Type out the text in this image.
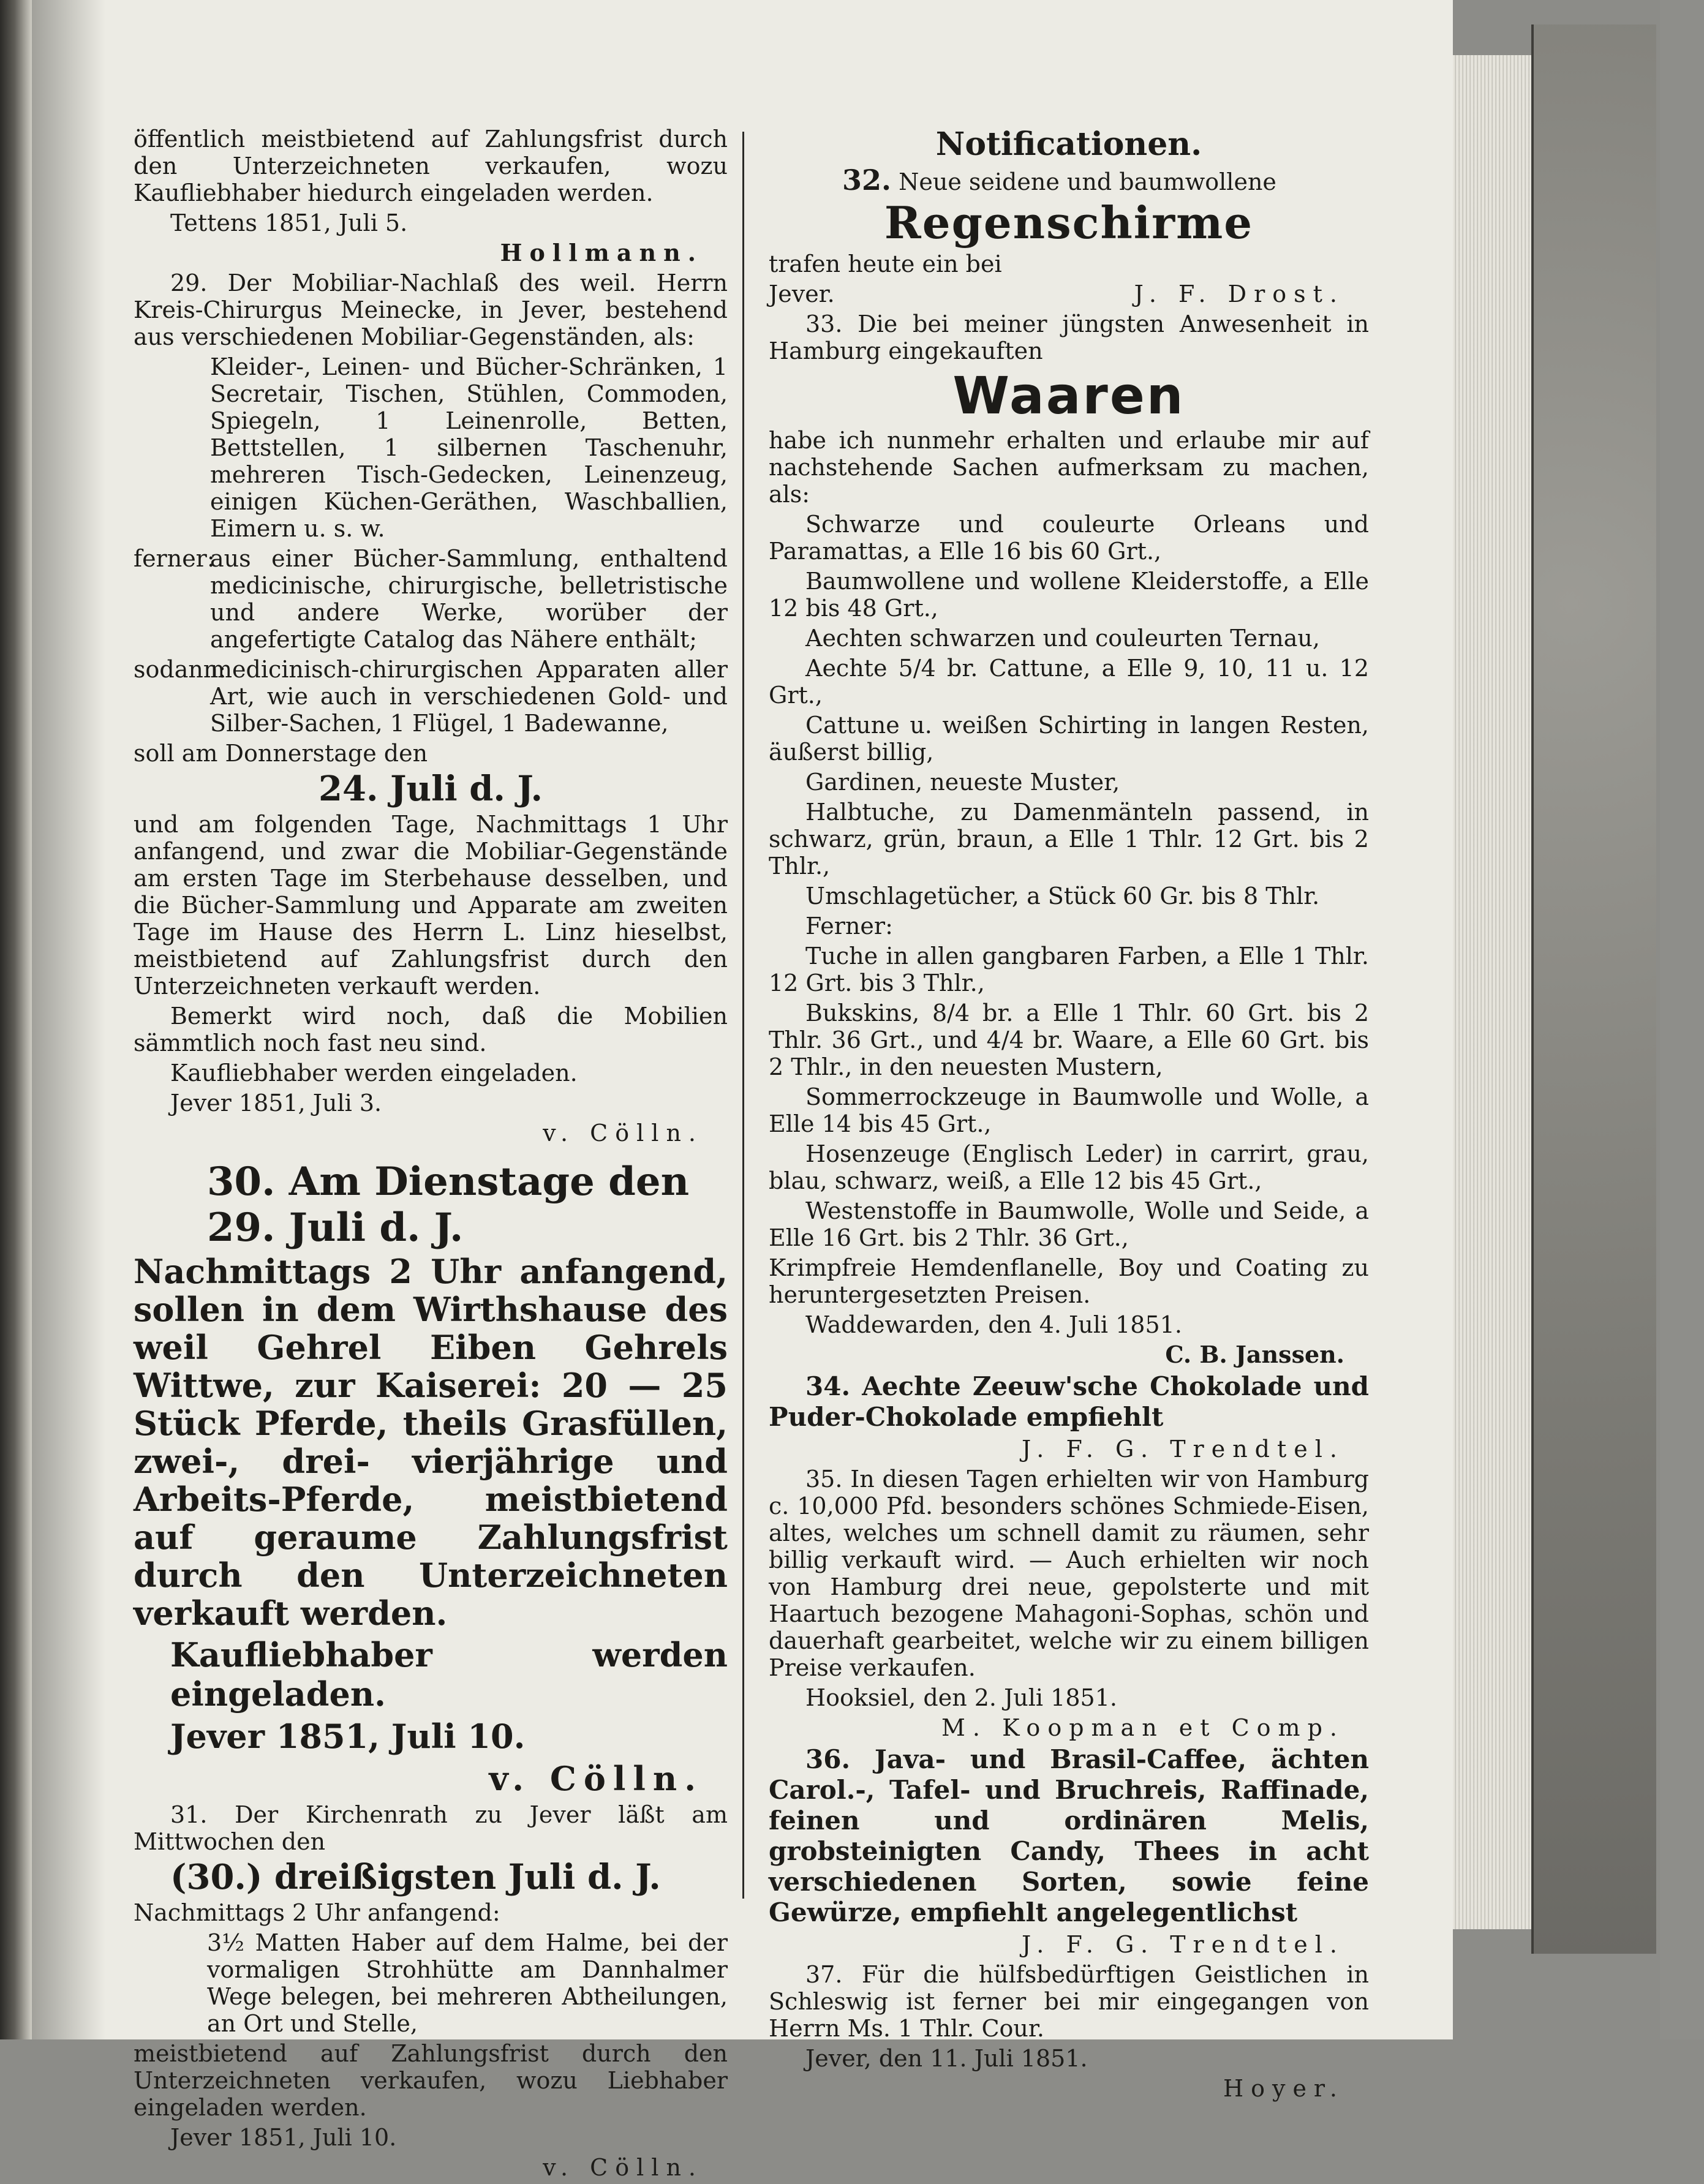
öffentlich meistbietend auf Zahlungsfrist durch den Unterzeichneten verkaufen, wozu Kaufliebhaber hiedurch eingeladen werden.

Tettens 1851, Juli 5.

Hollmann.

29. Der Mobiliar-Nachlaß des weil. Herrn Kreis-Chirurgus Meinecke, in Jever, bestehend aus verschiedenen Mobiliar-Gegenständen, als:

Kleider-, Leinen- und Bücher-Schränken, 1 Secretair, Tischen, Stühlen, Commoden, Spiegeln, 1 Leinenrolle, Betten, Bettstellen, 1 silbernen Taschenuhr, mehreren Tisch-Gedecken, Leinenzeug, einigen Küchen-Geräthen, Waschballien, Eimern u. s. w.

ferner:
aus einer Bücher-Sammlung, enthaltend medicinische, chirurgische, belletristische und andere Werke, worüber der angefertigte Catalog das Nähere enthält;
sodann:
medicinisch-chirurgischen Apparaten aller Art, wie auch in verschiedenen Gold- und Silber-Sachen, 1 Flügel, 1 Badewanne,

soll am Donnerstage den

24. Juli d. J.

und am folgenden Tage, Nachmittags 1 Uhr anfangend, und zwar die Mobiliar-Gegenstände am ersten Tage im Sterbehause desselben, und die Bücher-Sammlung und Apparate am zweiten Tage im Hause des Herrn L. Linz hieselbst, meistbietend auf Zahlungsfrist durch den Unterzeichneten verkauft werden.

Bemerkt wird noch, daß die Mobilien sämmtlich noch fast neu sind.

Kaufliebhaber werden eingeladen.

Jever 1851, Juli 3.

v. Cölln.

30. Am Dienstage den

29. Juli d. J.

Nachmittags 2 Uhr anfangend, sollen in dem Wirthshause des weil Gehrel Eiben Gehrels Wittwe, zur Kaiserei: 20 — 25 Stück Pferde, theils Grasfüllen, zwei-, drei- vierjährige und Arbeits-Pferde, meistbietend auf geraume Zahlungsfrist durch den Unterzeichneten verkauft werden.

Kaufliebhaber werden eingeladen.

Jever 1851, Juli 10.

v. Cölln.

31. Der Kirchenrath zu Jever läßt am Mittwochen den

(30.) dreißigsten Juli d. J.

Nachmittags 2 Uhr anfangend:

3½ Matten Haber auf dem Halme, bei der vormaligen Strohhütte am Dannhalmer Wege belegen, bei mehreren Abtheilungen, an Ort und Stelle,

meistbietend auf Zahlungsfrist durch den Unterzeichneten verkaufen, wozu Liebhaber eingeladen werden.

Jever 1851, Juli 10.

v. Cölln.

Notificationen.

32. Neue seidene und baumwollene

Regenschirme

trafen heute ein bei

Jever.	J. F. Drost.

33. Die bei meiner jüngsten Anwesenheit in Hamburg eingekauften

Waaren

habe ich nunmehr erhalten und erlaube mir auf nachstehende Sachen aufmerksam zu machen, als:

Schwarze und couleurte Orleans und Paramattas, a Elle 16 bis 60 Grt.,

Baumwollene und wollene Kleiderstoffe, a Elle 12 bis 48 Grt.,

Aechten schwarzen und couleurten Ternau,

Aechte 5/4 br. Cattune, a Elle 9, 10, 11 u. 12 Grt.,

Cattune u. weißen Schirting in langen Resten, äußerst billig,

Gardinen, neueste Muster,

Halbtuche, zu Damenmänteln passend, in schwarz, grün, braun, a Elle 1 Thlr. 12 Grt. bis 2 Thlr.,

Umschlagetücher, a Stück 60 Gr. bis 8 Thlr.

Ferner:

Tuche in allen gangbaren Farben, a Elle 1 Thlr. 12 Grt. bis 3 Thlr.,

Bukskins, 8/4 br. a Elle 1 Thlr. 60 Grt. bis 2 Thlr. 36 Grt., und 4/4 br. Waare, a Elle 60 Grt. bis 2 Thlr., in den neuesten Mustern,

Sommerrockzeuge in Baumwolle und Wolle, a Elle 14 bis 45 Grt.,

Hosenzeuge (Englisch Leder) in carrirt, grau, blau, schwarz, weiß, a Elle 12 bis 45 Grt.,

Westenstoffe in Baumwolle, Wolle und Seide, a Elle 16 Grt. bis 2 Thlr. 36 Grt.,

Krimpfreie Hemdenflanelle, Boy und Coating zu heruntergesetzten Preisen.

Waddewarden, den 4. Juli 1851.

C. B. Janssen.

34. Aechte Zeeuw'sche Chokolade und Puder-Chokolade empfiehlt

J. F. G. Trendtel.

35. In diesen Tagen erhielten wir von Hamburg c. 10,000 Pfd. besonders schönes Schmiede-Eisen, altes, welches um schnell damit zu räumen, sehr billig verkauft wird. — Auch erhielten wir noch von Hamburg drei neue, gepolsterte und mit Haartuch bezogene Mahagoni-Sophas, schön und dauerhaft gearbeitet, welche wir zu einem billigen Preise verkaufen.

Hooksiel, den 2. Juli 1851.

M. Koopman et Comp.

36. Java- und Brasil-Caffee, ächten Carol.-, Tafel- und Bruchreis, Raffinade, feinen und ordinären Melis, grobsteinigten Candy, Thees in acht verschiedenen Sorten, sowie feine Gewürze, empfiehlt angelegentlichst

J. F. G. Trendtel.

37. Für die hülfsbedürftigen Geistlichen in Schleswig ist ferner bei mir eingegangen von Herrn Ms. 1 Thlr. Cour.

Jever, den 11. Juli 1851.

Hoyer.
